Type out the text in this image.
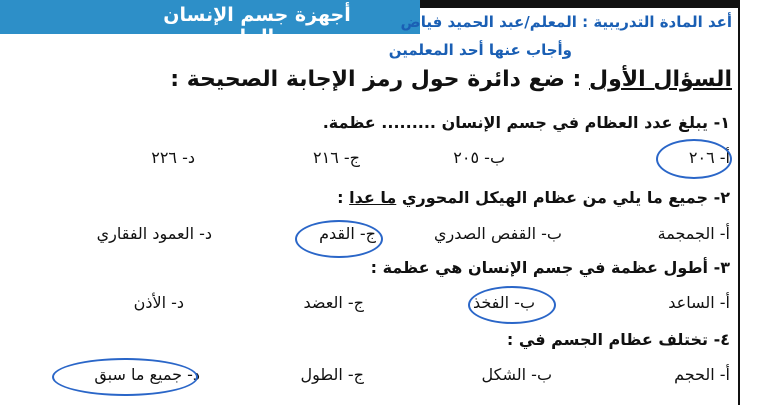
أجهزة جسم الإنسان والجلد
أعد المادة التدريبية : المعلم/عبد الحميد فياض
وأجاب عنها أحد المعلمين
السؤال الأول : ضع دائرة حول رمز الإجابة الصحيحة :
١- يبلغ عدد العظام في جسم الإنسان ......... عظمة.
أ- ٢٠٦
ب- ٢٠٥
ج- ٢١٦
د- ٢٢٦
٢- جميع ما يلي من عظام الهيكل المحوري ما عدا :
أ- الجمجمة
ب- القفص الصدري
ج- القدم
د- العمود الفقاري
٣- أطول عظمة في جسم الإنسان هي عظمة :
أ- الساعد
ب- الفخذ
ج- العضد
د- الأذن
٤- تختلف عظام الجسم في :
أ- الحجم
ب- الشكل
ج- الطول
د- جميع ما سبق
